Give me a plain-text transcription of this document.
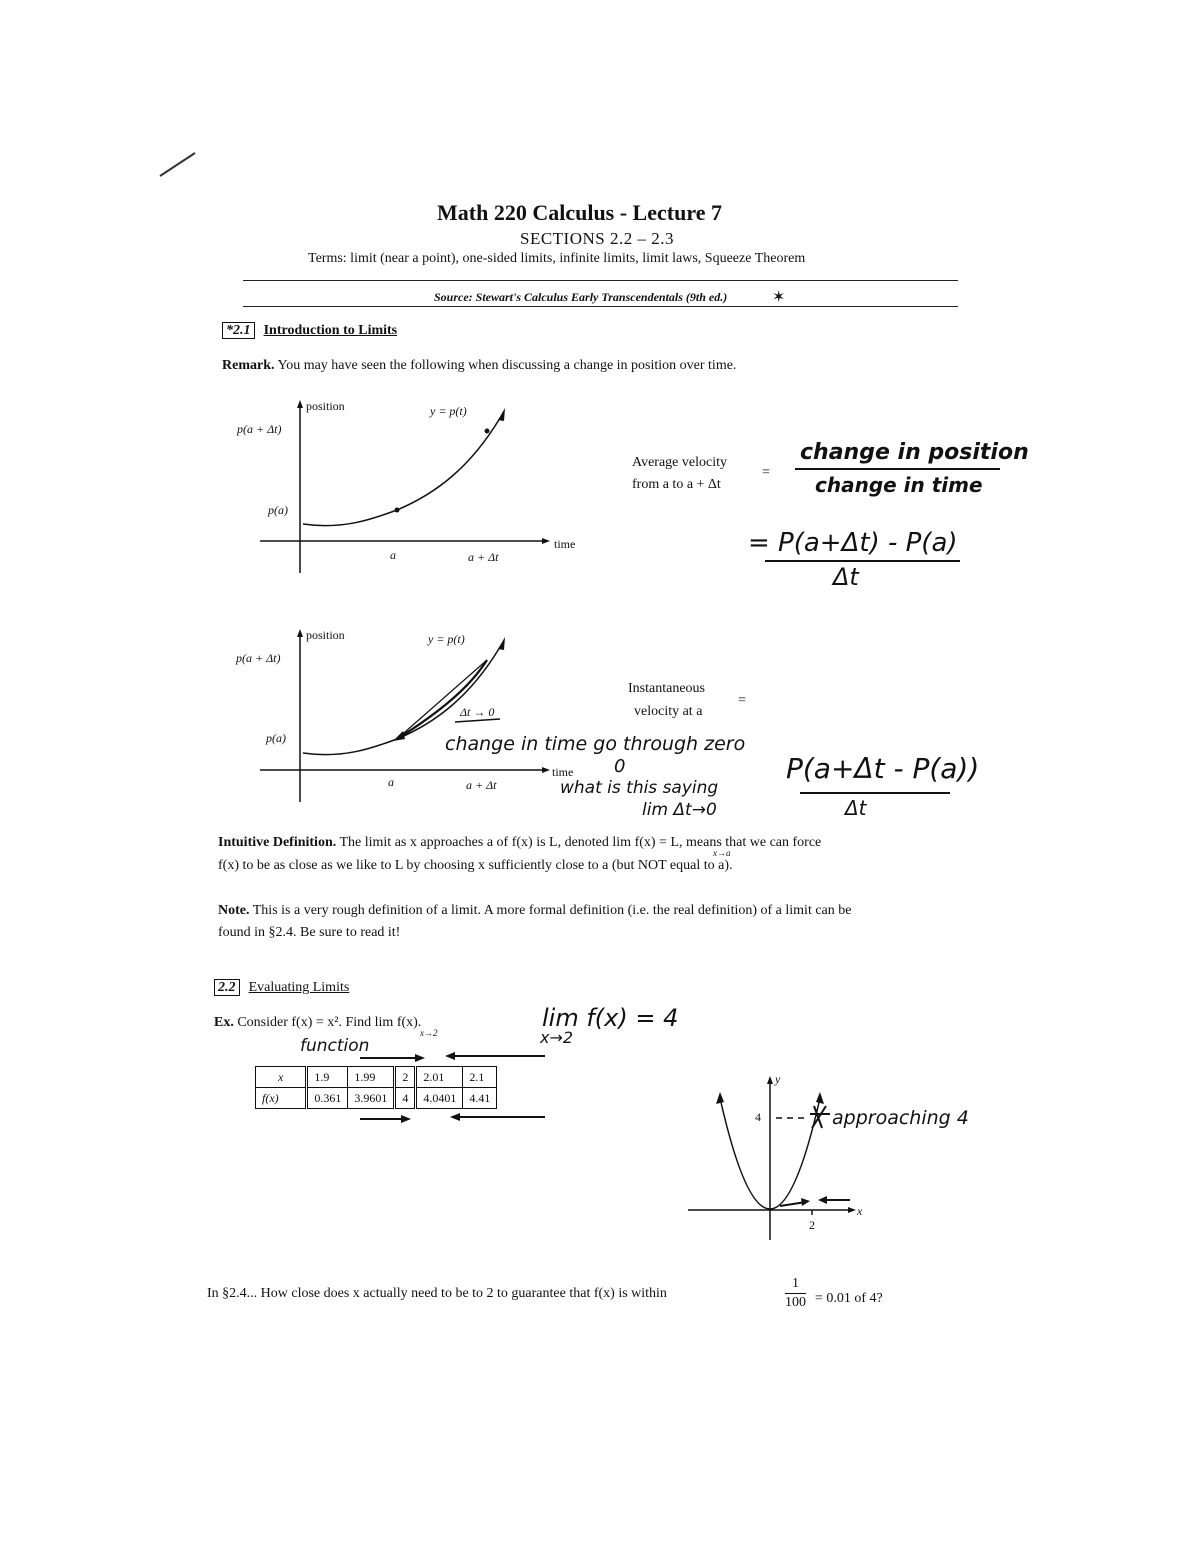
Math 220 Calculus - Lecture 7
SECTIONS 2.2 – 2.3
Terms: limit (near a point), one-sided limits, infinite limits, limit laws, Squeeze Theorem
Source: Stewart's Calculus Early Transcendentals (9th ed.)	✶
*2.1 Introduction to Limits
Remark. You may have seen the following when discussing a change in position over time.
position	y = p(t)
p(a + Δt)
p(a)
a	a + Δt
time
Average velocity
from a to a + Δt
=
change in position
change in time
= P(a+Δt) - P(a)
Δt
position	y = p(t)
p(a + Δt)
p(a)
Δt → 0
a	a + Δt
time
Instantaneous
velocity at a
=
change in time go through zero
0
what is this saying
lim Δt→0
P(a+Δt - P(a))
Δt
Intuitive Definition. The limit as x approaches a of f(x) is L, denoted lim f(x) = L, means that we can force
x→a
f(x) to be as close as we like to L by choosing x sufficiently close to a (but NOT equal to a).
Note. This is a very rough definition of a limit. A more formal definition (i.e. the real definition) of a limit can be
found in §2.4. Be sure to read it!
2.2 Evaluating Limits
Ex. Consider f(x) = x². Find lim f(x).
x→2
function
lim f(x) = 4
x→2
x	1.9	1.99	2	2.01	2.1
f(x)	0.361	3.9601	4	4.0401	4.41
y
4
2
x
approaching 4
In §2.4... How close does x actually need to be to 2 to guarantee that f(x) is within	$\frac{1}{100} = 0.01$ of 4?
